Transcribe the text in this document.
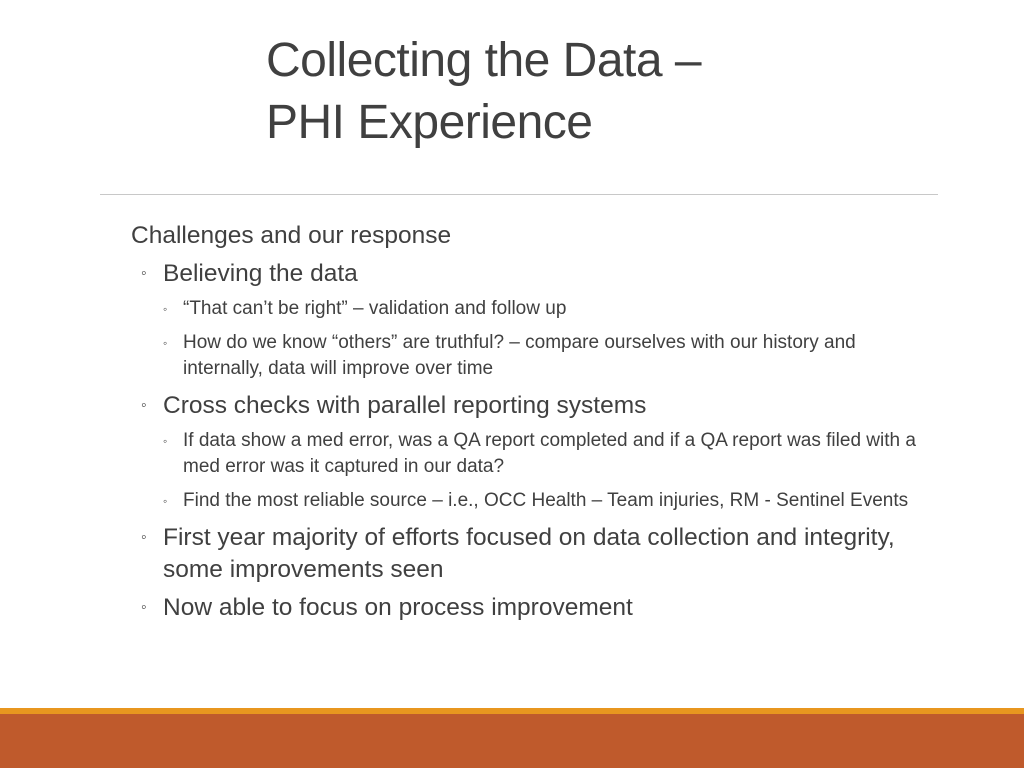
Collecting the Data –
PHI Experience
Challenges and our response
◦ Believing the data
◦ “That can’t be right” – validation and follow up
◦ How do we know “others” are truthful? – compare ourselves with our history and internally, data will improve over time
◦ Cross checks with parallel reporting systems
◦ If data show a med error, was a QA report completed and if a QA report was filed with a med error was it captured in our data?
◦ Find the most reliable source – i.e., OCC Health – Team injuries, RM - Sentinel Events
◦ First year majority of efforts focused on data collection and integrity, some improvements seen
◦ Now able to focus on process improvement
